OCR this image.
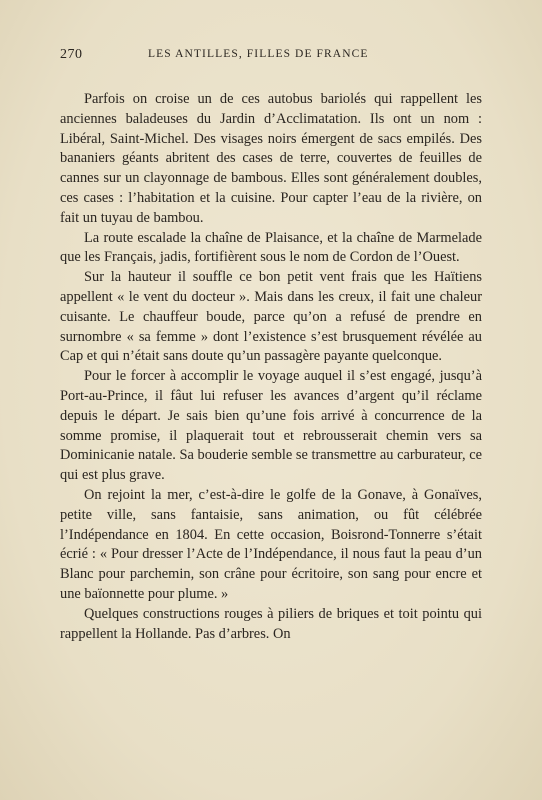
270	LES ANTILLES, FILLES DE FRANCE

Parfois on croise un de ces autobus bariolés qui rappellent les anciennes baladeuses du Jardin d’Acclimatation. Ils ont un nom : Libéral, Saint-Michel. Des visages noirs émergent de sacs empilés. Des bananiers géants abritent des cases de terre, couvertes de feuilles de cannes sur un clayonnage de bambous. Elles sont généralement doubles, ces cases : l’habitation et la cuisine. Pour capter l’eau de la rivière, on fait un tuyau de bambou.

La route escalade la chaîne de Plaisance, et la chaîne de Marmelade que les Français, jadis, fortifièrent sous le nom de Cordon de l’Ouest.

Sur la hauteur il souffle ce bon petit vent frais que les Haïtiens appellent « le vent du docteur ». Mais dans les creux, il fait une chaleur cuisante. Le chauffeur boude, parce qu’on a refusé de prendre en surnombre « sa femme » dont l’existence s’est brusquement révélée au Cap et qui n’était sans doute qu’un passagère payante quelconque.

Pour le forcer à accomplir le voyage auquel il s’est engagé, jusqu’à Port-au-Prince, il fâut lui refuser les avances d’argent qu’il réclame depuis le départ. Je sais bien qu’une fois arrivé à concurrence de la somme promise, il plaquerait tout et rebrousserait chemin vers sa Dominicanie natale. Sa bouderie semble se transmettre au carburateur, ce qui est plus grave.

On rejoint la mer, c’est-à-dire le golfe de la Gonave, à Gonaïves, petite ville, sans fantaisie, sans animation, ou fût célébrée l’Indépendance en 1804. En cette occasion, Boisrond-Tonnerre s’était écrié : « Pour dresser l’Acte de l’Indépendance, il nous faut la peau d’un Blanc pour parchemin, son crâne pour écritoire, son sang pour encre et une baïonnette pour plume. »

Quelques constructions rouges à piliers de briques et toit pointu qui rappellent la Hollande. Pas d’arbres. On
